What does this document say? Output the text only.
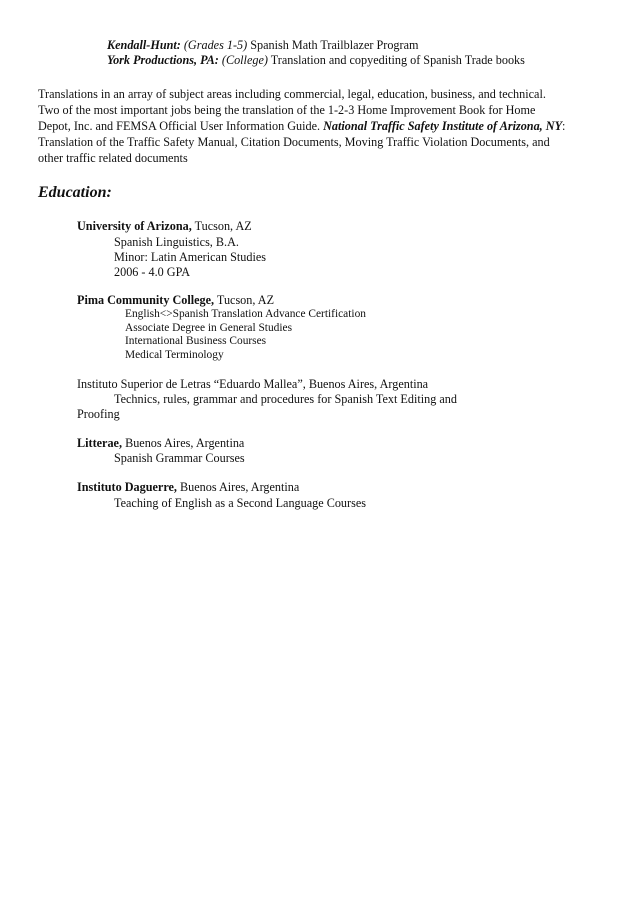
Kendall-Hunt: (Grades 1-5) Spanish Math Trailblazer Program
York Productions, PA: (College) Translation and copyediting of Spanish Trade books
Translations in an array of subject areas including commercial, legal, education, business, and technical.
Two of the most important jobs being the translation of the 1-2-3 Home Improvement Book for Home
Depot, Inc. and FEMSA Official User Information Guide. National Traffic Safety Institute of Arizona, NY:
Translation of the Traffic Safety Manual, Citation Documents, Moving Traffic Violation Documents, and
other traffic related documents
Education:
University of Arizona, Tucson, AZ
Spanish Linguistics, B.A.
Minor: Latin American Studies
2006 - 4.0 GPA
Pima Community College, Tucson, AZ
English<>Spanish Translation Advance Certification
Associate Degree in General Studies
International Business Courses
Medical Terminology
Instituto Superior de Letras “Eduardo Mallea”, Buenos Aires, Argentina
Technics, rules, grammar and procedures for Spanish Text Editing and
Proofing
Litterae, Buenos Aires, Argentina
Spanish Grammar Courses
Instituto Daguerre, Buenos Aires, Argentina
Teaching of English as a Second Language Courses
